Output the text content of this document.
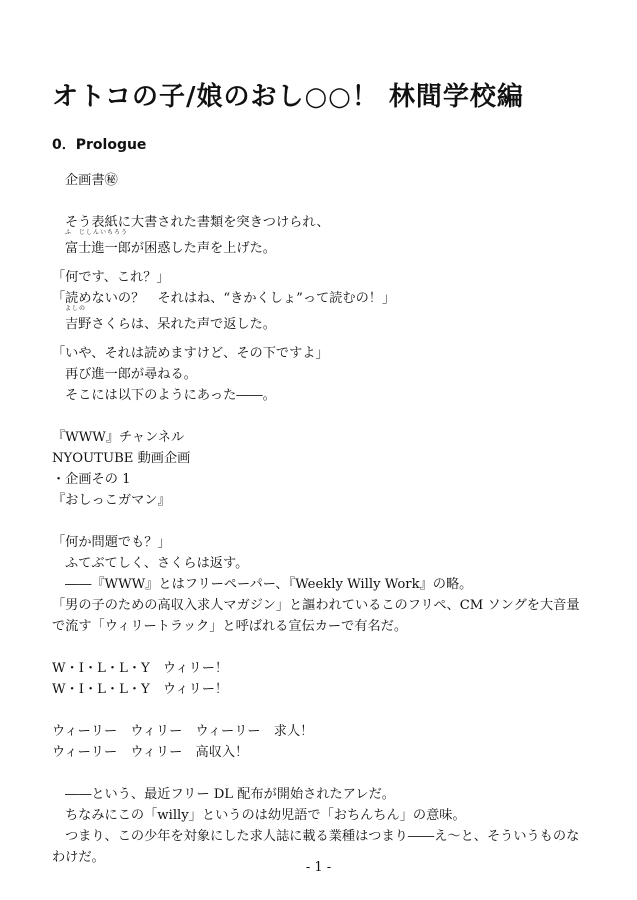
オトコの子/娘のおし○○！ 林間学校編
0．Prologue
企画書㊙
そう表紙に大書された書類を突きつけられ、
ふ　じしんいちろう
富士進一郎が困惑した声を上げた。
「何です、これ？」
「読めないの？　それはね、“きかくしょ”って読むの！」
よしの
吉野さくらは、呆れた声で返した。
「いや、それは読めますけど、その下ですよ」
再び進一郎が尋ねる。
そこには以下のようにあった――。
『WWW』チャンネル
NYOUTUBE 動画企画
・企画その 1
『おしっこガマン』
「何か問題でも？」
ふてぶてしく、さくらは返す。
――『WWW』とはフリーペーパー、『Weekly Willy Work』の略。
「男の子のための高収入求人マガジン」と謳われているこのフリペ、CM ソングを大音量で流す「ウィリートラック」と呼ばれる宣伝カーで有名だ。
W・I・L・L・Y　ウィリー！
W・I・L・L・Y　ウィリー！
ウィーリー　ウィリー　ウィーリー　求人！
ウィーリー　ウィリー　高収入！
――という、最近フリー DL 配布が開始されたアレだ。
ちなみにこの「willy」というのは幼児語で「おちんちん」の意味。
つまり、この少年を対象にした求人誌に載る業種はつまり――え～と、そういうものなわけだ。
- 1 -
